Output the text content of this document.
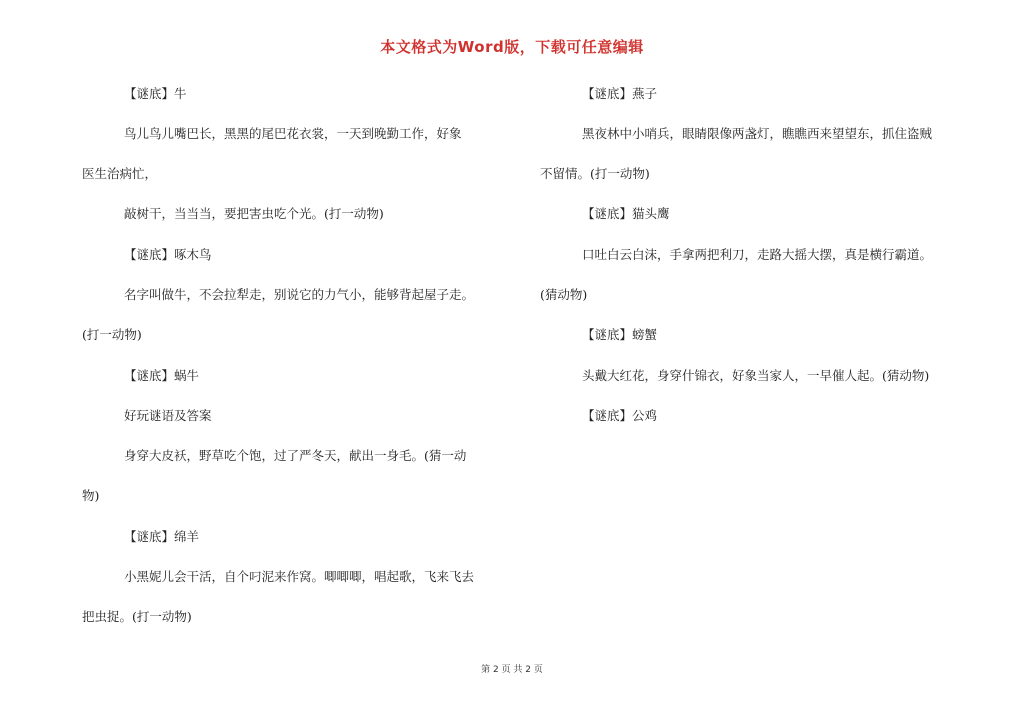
本文格式为Word版，下载可任意编辑
【谜底】牛
鸟儿鸟儿嘴巴长，黑黑的尾巴花衣裳，一天到晚勤工作，好象
医生治病忙，
敲树干，当当当，要把害虫吃个光。(打一动物)
【谜底】啄木鸟
名字叫做牛，不会拉犁走，别说它的力气小，能够背起屋子走。
(打一动物)
【谜底】蜗牛
好玩谜语及答案
身穿大皮袄，野草吃个饱，过了严冬天，献出一身毛。(猜一动
物)
【谜底】绵羊
小黑妮儿会干活，自个叼泥来作窝。唧唧唧，唱起歌，飞来飞去
把虫捉。(打一动物)
【谜底】燕子
黑夜林中小哨兵，眼睛限像两盏灯，瞧瞧西来望望东，抓住盗贼
不留情。(打一动物)
【谜底】猫头鹰
口吐白云白沫，手拿两把利刀，走路大摇大摆，真是横行霸道。
(猜动物)
【谜底】螃蟹
头戴大红花，身穿什锦衣，好象当家人，一早催人起。(猜动物)
【谜底】公鸡
第 2 页 共 2 页
